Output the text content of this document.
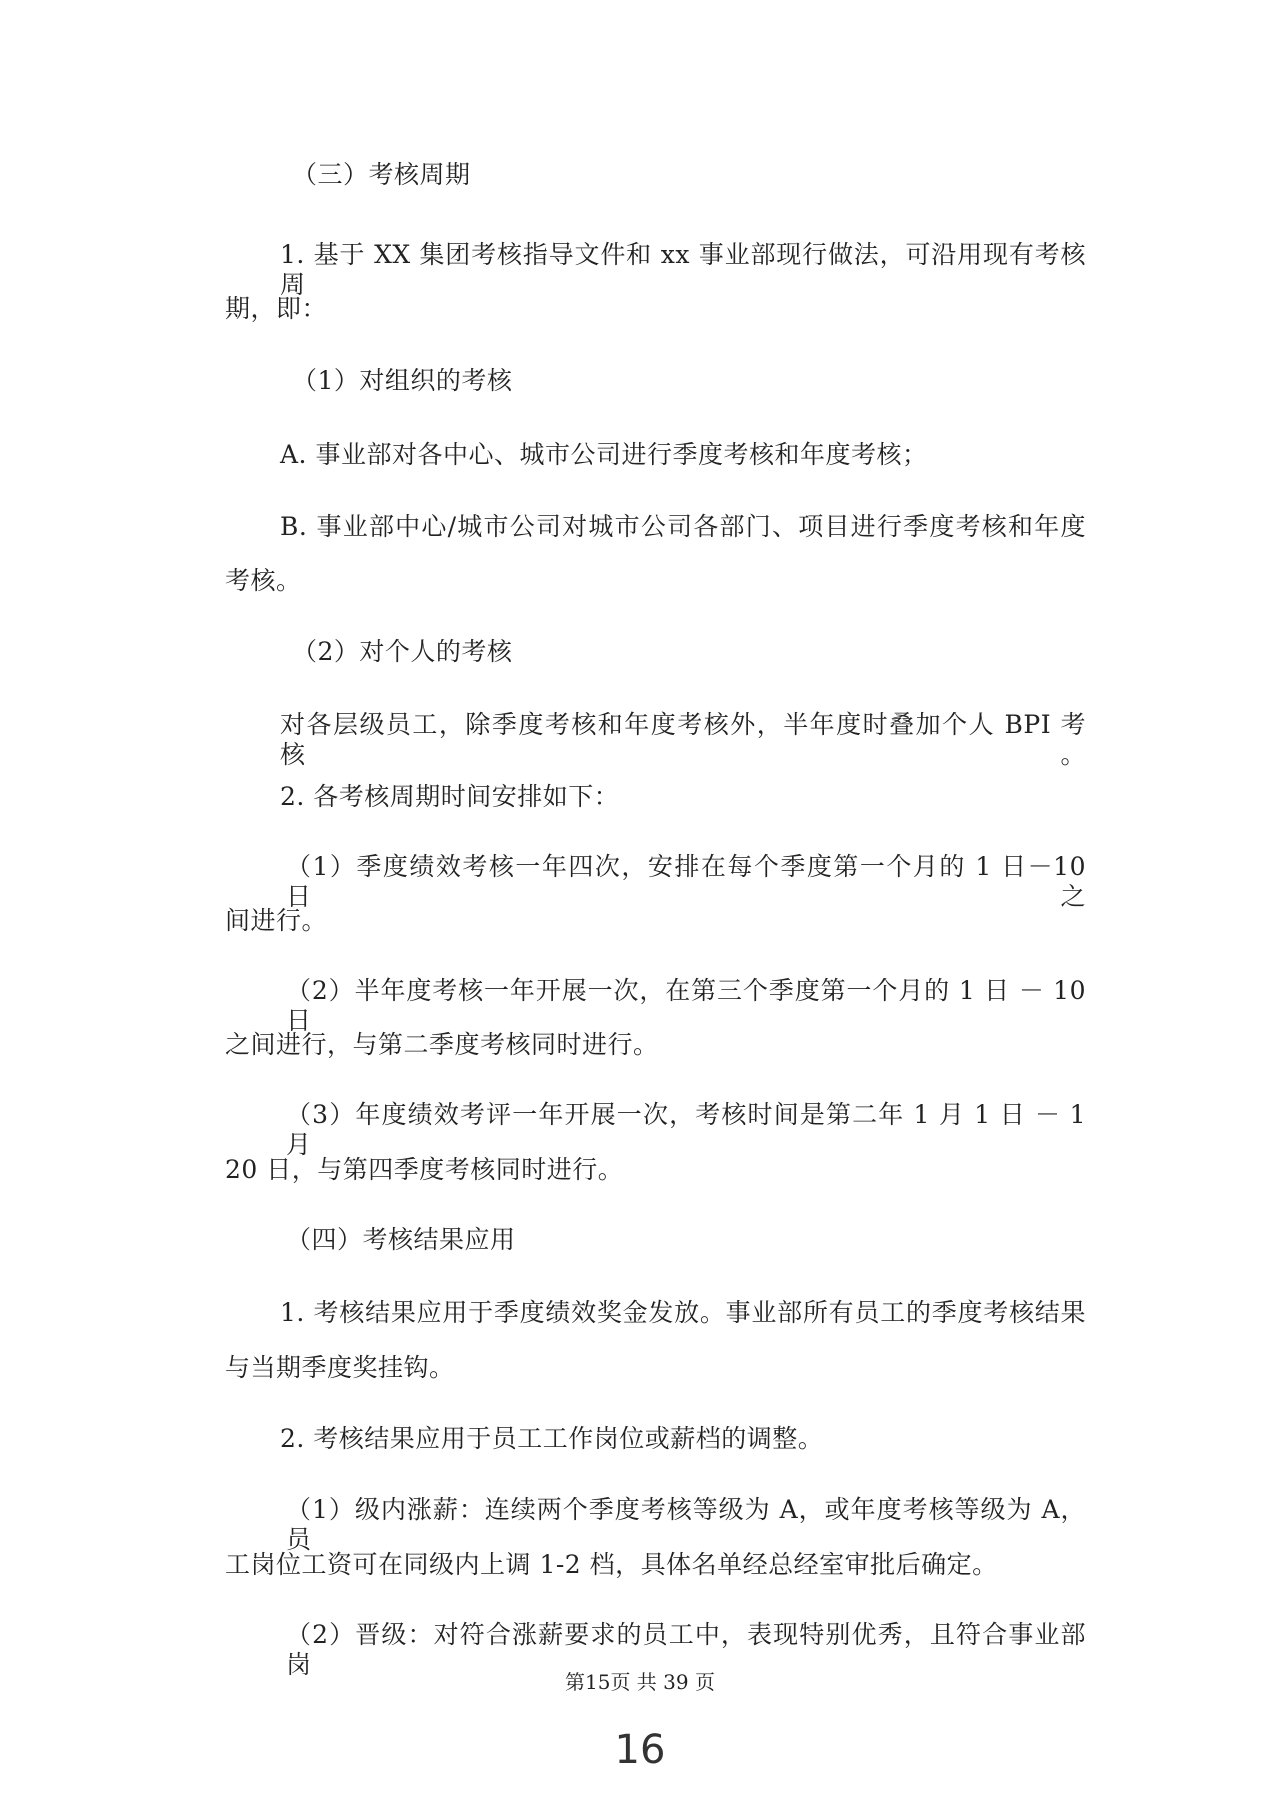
（三）考核周期

1. 基于 XX 集团考核指导文件和 xx 事业部现行做法，可沿用现有考核周

期，即：

（1）对组织的考核

A. 事业部对各中心、城市公司进行季度考核和年度考核；

B. 事业部中心/城市公司对城市公司各部门、项目进行季度考核和年度

考核。

（2）对个人的考核

对各层级员工，除季度考核和年度考核外，半年度时叠加个人 BPI 考核。

2. 各考核周期时间安排如下：

（1）季度绩效考核一年四次，安排在每个季度第一个月的 1 日－10 日之

间进行。

（2）半年度考核一年开展一次，在第三个季度第一个月的 1 日 － 10 日

之间进行，与第二季度考核同时进行。

（3）年度绩效考评一年开展一次，考核时间是第二年 1 月 1 日 － 1 月

20 日，与第四季度考核同时进行。

（四）考核结果应用

1. 考核结果应用于季度绩效奖金发放。事业部所有员工的季度考核结果

与当期季度奖挂钩。

2. 考核结果应用于员工工作岗位或薪档的调整。

（1）级内涨薪：连续两个季度考核等级为 A，或年度考核等级为 A，员

工岗位工资可在同级内上调 1-2 档，具体名单经总经室审批后确定。

（2）晋级：对符合涨薪要求的员工中，表现特别优秀，且符合事业部岗

第15页 共 39 页
16
